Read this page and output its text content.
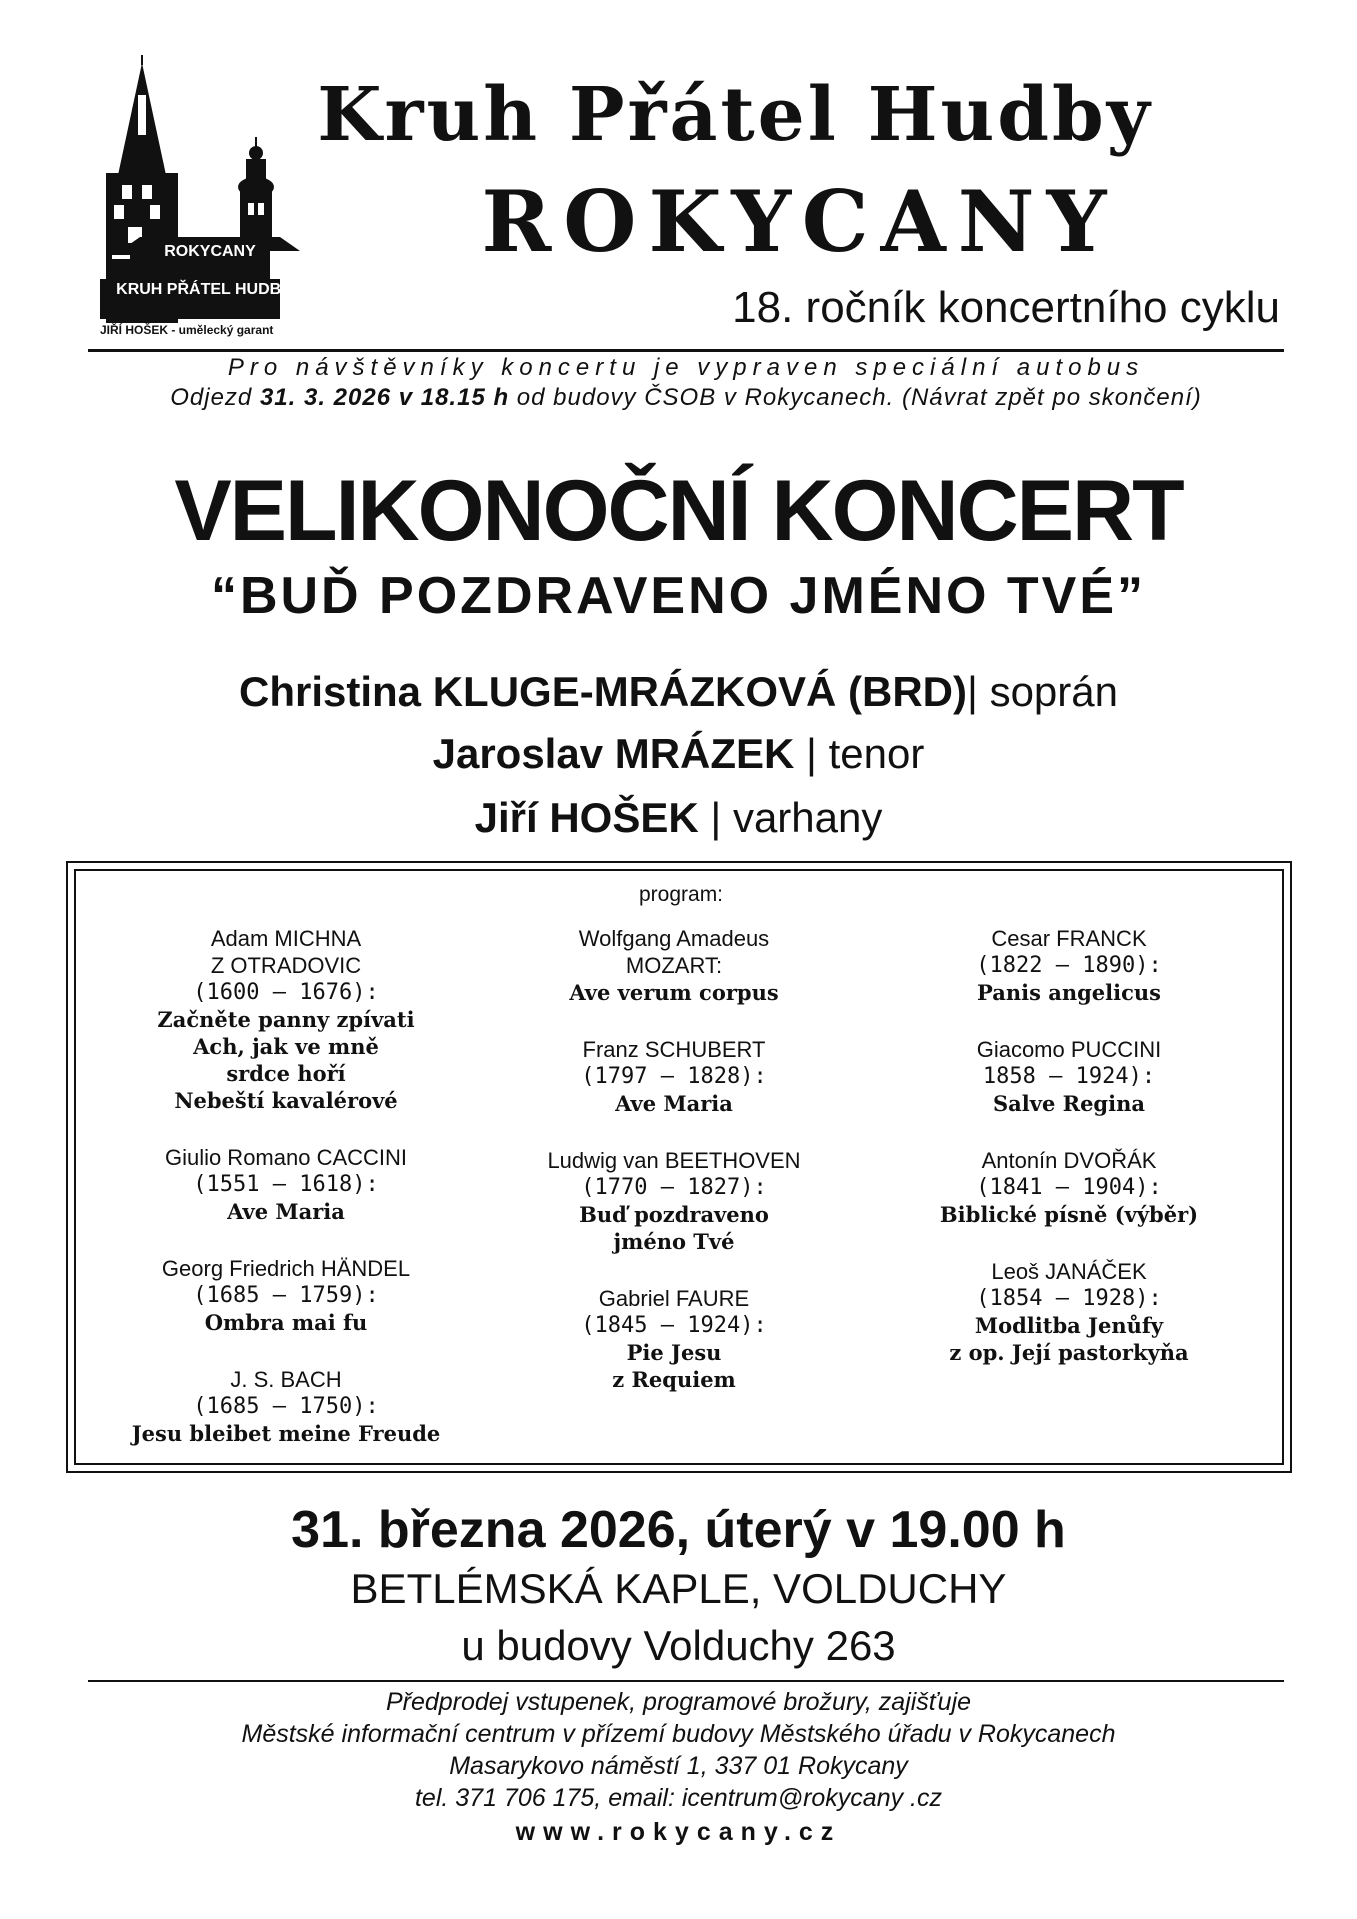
ROKYCANY
KRUH PŘÁTEL HUDBY
JIŘÍ HOŠEK - umělecký garant
Kruh Přátel Hudby
ROKYCANY
18. ročník koncertního cyklu
Pro návštěvníky koncertu je vypraven speciální autobus
Odjezd 31. 3. 2026 v 18.15 h od budovy ČSOB v Rokycanech. (Návrat zpět po skončení)
VELIKONOČNÍ KONCERT
“BUĎ POZDRAVENO JMÉNO TVÉ”
Christina KLUGE-MRÁZKOVÁ (BRD)| soprán
Jaroslav MRÁZEK | tenor
Jiří HOŠEK | varhany
program:
Adam MICHNA
Z OTRADOVIC
(1600 – 1676):
Začněte panny zpívati
Ach, jak ve mně
srdce hoří
Nebeští kavalérové
Giulio Romano CACCINI
(1551 – 1618):
Ave Maria
Georg Friedrich HÄNDEL
(1685 – 1759):
Ombra mai fu
J. S. BACH
(1685 – 1750):
Jesu bleibet meine Freude
Wolfgang Amadeus
MOZART:
Ave verum corpus
Franz SCHUBERT
(1797 – 1828):
Ave Maria
Ludwig van BEETHOVEN
(1770 – 1827):
Buď pozdraveno
jméno Tvé
Gabriel FAURE
(1845 – 1924):
Pie Jesu
z Requiem
Cesar FRANCK
(1822 – 1890):
Panis angelicus
Giacomo PUCCINI
1858 – 1924):
Salve Regina
Antonín DVOŘÁK
(1841 – 1904):
Biblické písně (výběr)
Leoš JANÁČEK
(1854 – 1928):
Modlitba Jenůfy
z op. Její pastorkyňa
31. března 2026, úterý v 19.00 h
BETLÉMSKÁ KAPLE, VOLDUCHY
u budovy Volduchy 263
Předprodej vstupenek, programové brožury, zajišťuje
Městské informační centrum v přízemí budovy Městského úřadu v Rokycanech
Masarykovo náměstí 1, 337 01 Rokycany
tel. 371 706 175, email: icentrum@rokycany .cz
www.rokycany.cz
